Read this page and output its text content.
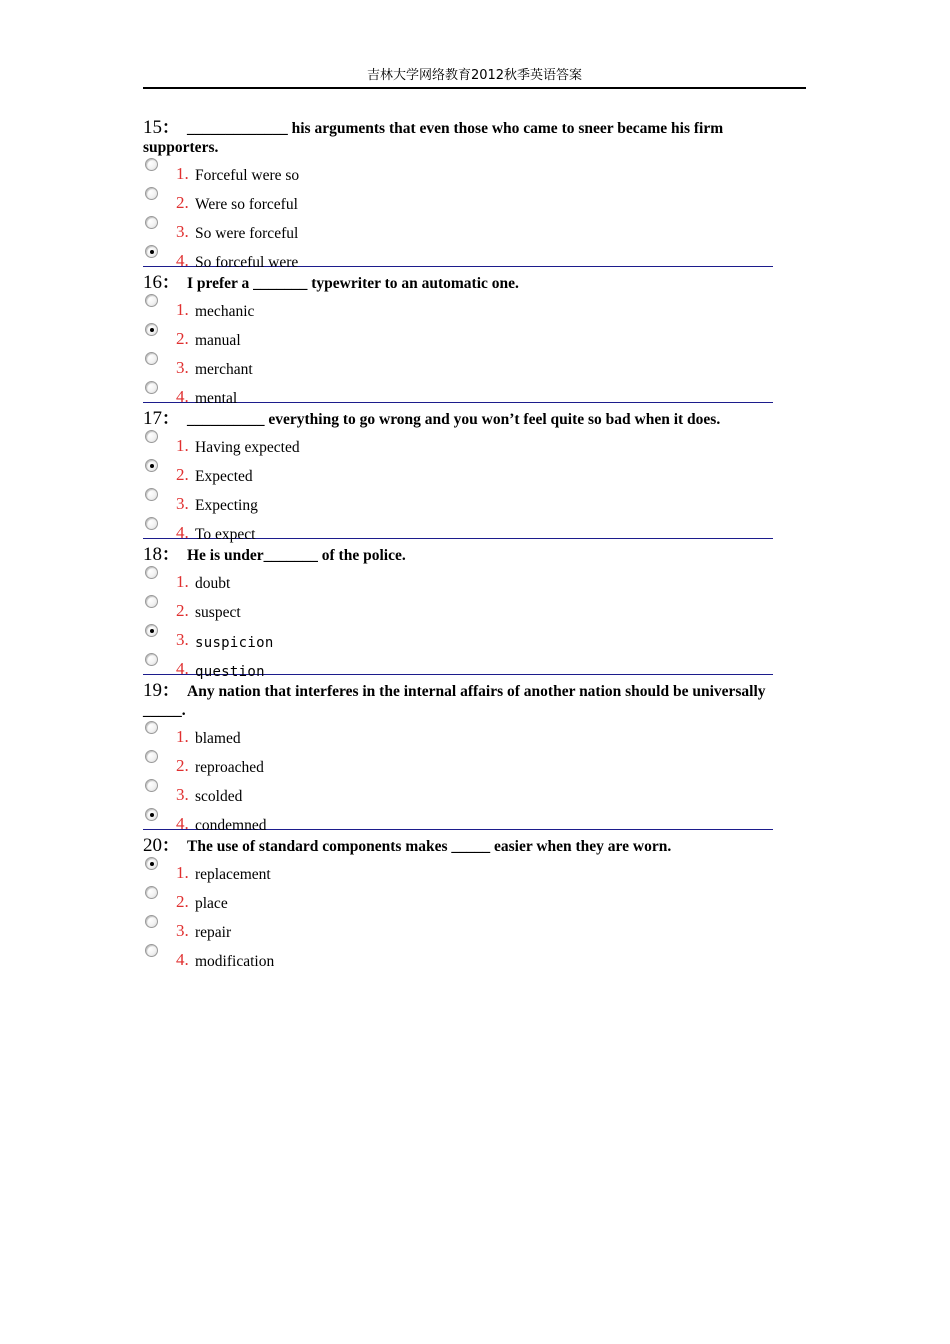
吉林大学网络教育2012秋季英语答案

15： _____________ his arguments that even those who came to sneer became his firm supporters.

1. Forceful were so
2. Were so forceful
3. So were forceful
4. So forceful were

16： I prefer a _______ typewriter to an automatic one.

1. mechanic
2. manual
3. merchant
4. mental

17： __________ everything to go wrong and you won’t feel quite so bad when it does.

1. Having expected
2. Expected
3. Expecting
4. To expect

18： He is under_______ of the police.

1. doubt
2. suspect
3. suspicion
4. question

19： Any nation that interferes in the internal affairs of another nation should be universally _____.

1. blamed
2. reproached
3. scolded
4. condemned

20： The use of standard components makes _____ easier when they are worn.

1. replacement
2. place
3. repair
4. modification
